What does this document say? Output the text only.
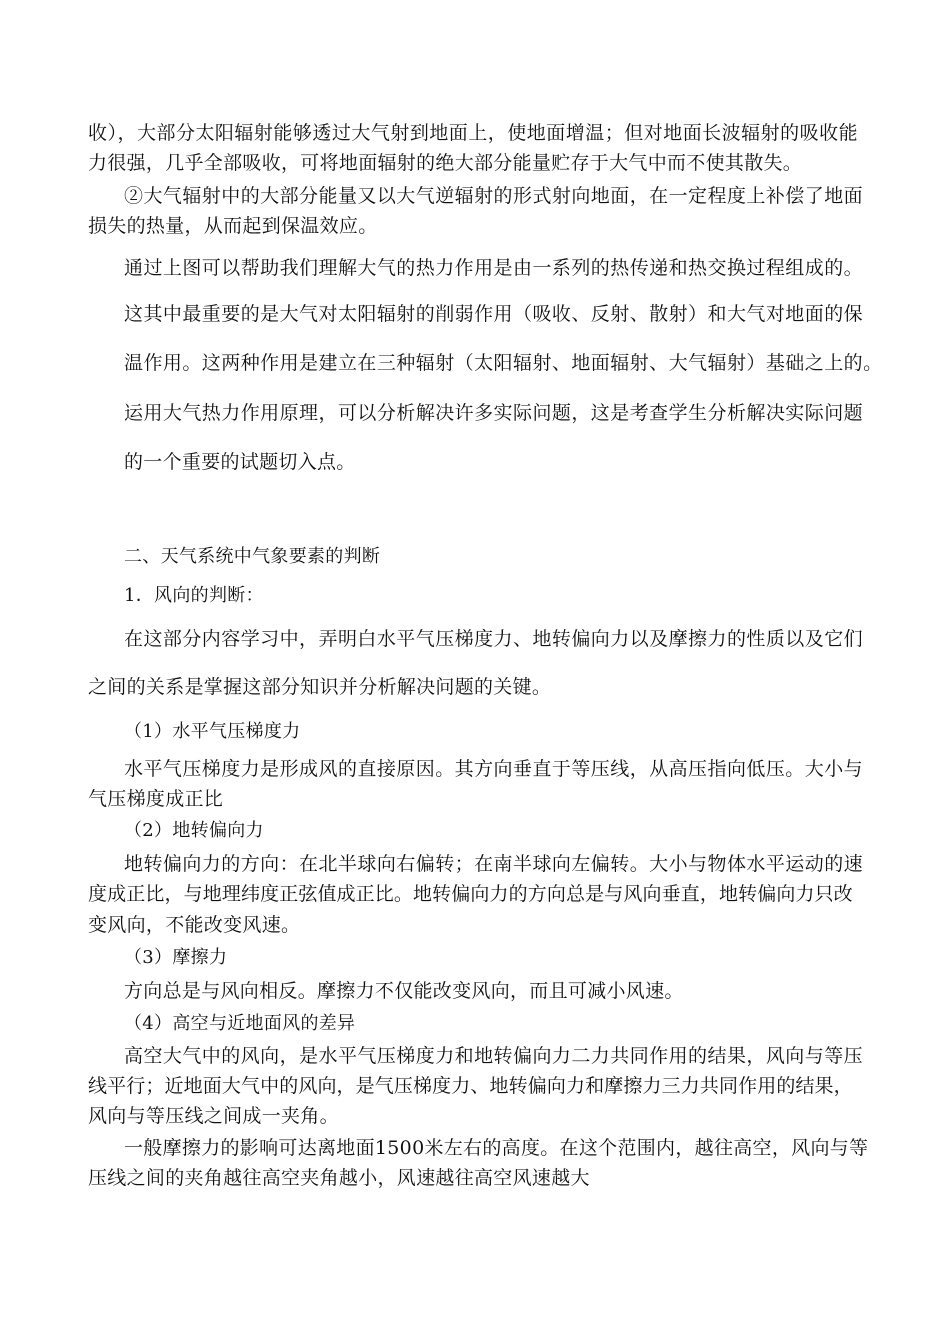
收），大部分太阳辐射能够透过大气射到地面上，使地面增温；但对地面长波辐射的吸收能
力很强，几乎全部吸收，可将地面辐射的绝大部分能量贮存于大气中而不使其散失。
②大气辐射中的大部分能量又以大气逆辐射的形式射向地面，在一定程度上补偿了地面
损失的热量，从而起到保温效应。
通过上图可以帮助我们理解大气的热力作用是由一系列的热传递和热交换过程组成的。
这其中最重要的是大气对太阳辐射的削弱作用（吸收、反射、散射）和大气对地面的保
温作用。这两种作用是建立在三种辐射（太阳辐射、地面辐射、大气辐射）基础之上的。
运用大气热力作用原理，可以分析解决许多实际问题，这是考查学生分析解决实际问题
的一个重要的试题切入点。
二、天气系统中气象要素的判断
1．风向的判断：
在这部分内容学习中，弄明白水平气压梯度力、地转偏向力以及摩擦力的性质以及它们
之间的关系是掌握这部分知识并分析解决问题的关键。
（1）水平气压梯度力
水平气压梯度力是形成风的直接原因。其方向垂直于等压线，从高压指向低压。大小与
气压梯度成正比
（2）地转偏向力
地转偏向力的方向：在北半球向右偏转；在南半球向左偏转。大小与物体水平运动的速
度成正比，与地理纬度正弦值成正比。地转偏向力的方向总是与风向垂直，地转偏向力只改
变风向，不能改变风速。
（3）摩擦力
方向总是与风向相反。摩擦力不仅能改变风向，而且可减小风速。
（4）高空与近地面风的差异
高空大气中的风向，是水平气压梯度力和地转偏向力二力共同作用的结果，风向与等压
线平行；近地面大气中的风向，是气压梯度力、地转偏向力和摩擦力三力共同作用的结果，
风向与等压线之间成一夹角。
一般摩擦力的影响可达离地面1500米左右的高度。在这个范围内，越往高空，风向与等
压线之间的夹角越往高空夹角越小，风速越往高空风速越大
